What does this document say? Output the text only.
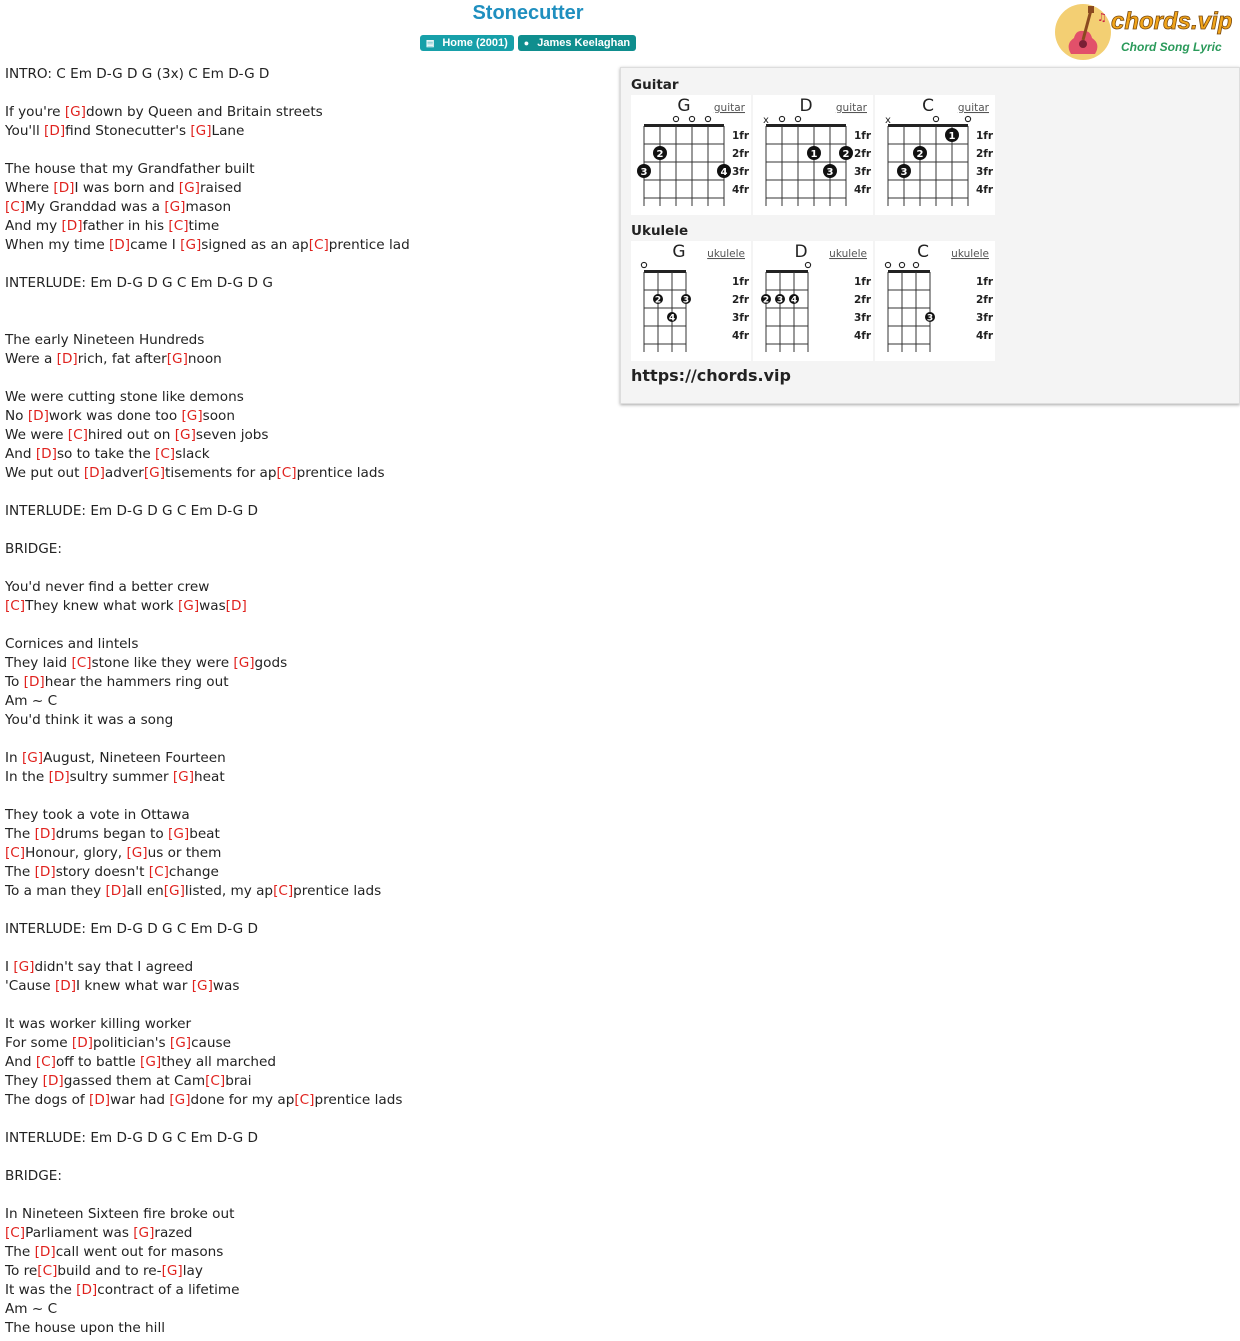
Stonecutter
▤ Home (2001) ● James Keelaghan
♫ chords.vip
Chord Song Lyric
INTRO: C Em D-G D G (3x) C Em D-G D
If you're [G]down by Queen and Britain streets
You'll [D]find Stonecutter's [G]Lane
The house that my Grandfather built
Where [D]I was born and [G]raised
[C]My Granddad was a [G]mason
And my [D]father in his [C]time
When my time [D]came I [G]signed as an ap[C]prentice lad
INTERLUDE: Em D-G D G C Em D-G D G
The early Nineteen Hundreds
Were a [D]rich, fat after[G]noon
We were cutting stone like demons
No [D]work was done too [G]soon
We were [C]hired out on [G]seven jobs
And [D]so to take the [C]slack
We put out [D]adver[G]tisements for ap[C]prentice lads
INTERLUDE: Em D-G D G C Em D-G D
BRIDGE:
You'd never find a better crew
[C]They knew what work [G]was[D]
Cornices and lintels
They laid [C]stone like they were [G]gods
To [D]hear the hammers ring out
Am ~ C
You'd think it was a song
In [G]August, Nineteen Fourteen
In the [D]sultry summer [G]heat
They took a vote in Ottawa
The [D]drums began to [G]beat
[C]Honour, glory, [G]us or them
The [D]story doesn't [C]change
To a man they [D]all en[G]listed, my ap[C]prentice lads
INTERLUDE: Em D-G D G C Em D-G D
I [G]didn't say that I agreed
'Cause [D]I knew what war [G]was
It was worker killing worker
For some [D]politician's [G]cause
And [C]off to battle [G]they all marched
They [D]gassed them at Cam[C]brai
The dogs of [D]war had [G]done for my ap[C]prentice lads
INTERLUDE: Em D-G D G C Em D-G D
BRIDGE:
In Nineteen Sixteen fire broke out
[C]Parliament was [G]razed
The [D]call went out for masons
To re[C]build and to re-[G]lay
It was the [D]contract of a lifetime
Am ~ C
The house upon the hill
Guitar
G guitar
1fr
2fr
3fr
4fr
2
3	4
D guitar
1fr
2fr
3fr
4fr
x
1	2
3
C guitar
1fr
2fr
3fr
4fr
x
1
2
3
Ukulele
G ukulele
1fr
2fr
3fr
4fr
2 3
4
D ukulele
1fr
2fr
3fr
4fr
2 3 4
C ukulele
1fr
2fr
3fr
4fr
3
https://chords.vip
